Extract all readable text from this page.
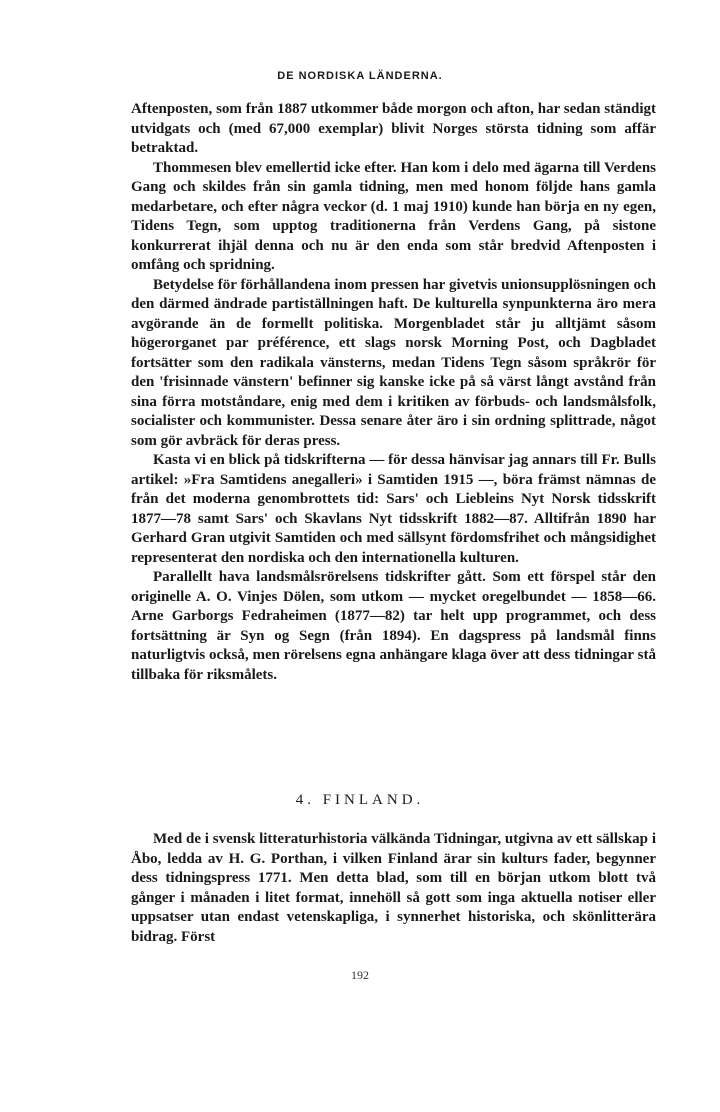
DE NORDISKA LÄNDERNA.

Aftenposten, som från 1887 utkommer både morgon och afton, har sedan ständigt utvidgats och (med 67,000 exemplar) blivit Norges största tidning som affär betraktad.

Thommesen blev emellertid icke efter. Han kom i delo med ägarna till Verdens Gang och skildes från sin gamla tidning, men med honom följde hans gamla medarbetare, och efter några veckor (d. 1 maj 1910) kunde han börja en ny egen, Tidens Tegn, som upptog traditionerna från Verdens Gang, på sistone konkurrerat ihjäl denna och nu är den enda som står bredvid Aftenposten i omfång och spridning.

Betydelse för förhållandena inom pressen har givetvis unionsupplösningen och den därmed ändrade partiställningen haft. De kulturella synpunkterna äro mera avgörande än de formellt politiska. Morgenbladet står ju alltjämt såsom högerorganet par préférence, ett slags norsk Morning Post, och Dagbladet fortsätter som den radikala vänsterns, medan Tidens Tegn såsom språkrör för den 'frisinnade vänstern' befinner sig kanske icke på så värst långt avstånd från sina förra motståndare, enig med dem i kritiken av förbuds- och landsmålsfolk, socialister och kommunister. Dessa senare åter äro i sin ordning splittrade, något som gör avbräck för deras press.

Kasta vi en blick på tidskrifterna — för dessa hänvisar jag annars till Fr. Bulls artikel: »Fra Samtidens anegalleri» i Samtiden 1915 —, böra främst nämnas de från det moderna genombrottets tid: Sars' och Liebleins Nyt Norsk tidsskrift 1877—78 samt Sars' och Skavlans Nyt tidsskrift 1882—87. Alltifrån 1890 har Gerhard Gran utgivit Samtiden och med sällsynt fördomsfrihet och mångsidighet representerat den nordiska och den internationella kulturen.

Parallellt hava landsmålsrörelsens tidskrifter gått. Som ett förspel står den originelle A. O. Vinjes Dölen, som utkom — mycket oregelbundet — 1858—66. Arne Garborgs Fedraheimen (1877—82) tar helt upp programmet, och dess fortsättning är Syn og Segn (från 1894). En dagspress på landsmål finns naturligtvis också, men rörelsens egna anhängare klaga över att dess tidningar stå tillbaka för riksmålets.

4. FINLAND.

Med de i svensk litteraturhistoria välkända Tidningar, utgivna av ett sällskap i Åbo, ledda av H. G. Porthan, i vilken Finland ärar sin kulturs fader, begynner dess tidningspress 1771. Men detta blad, som till en början utkom blott två gånger i månaden i litet format, innehöll så gott som inga aktuella notiser eller uppsatser utan endast vetenskapliga, i synnerhet historiska, och skönlitterära bidrag. Först

192
